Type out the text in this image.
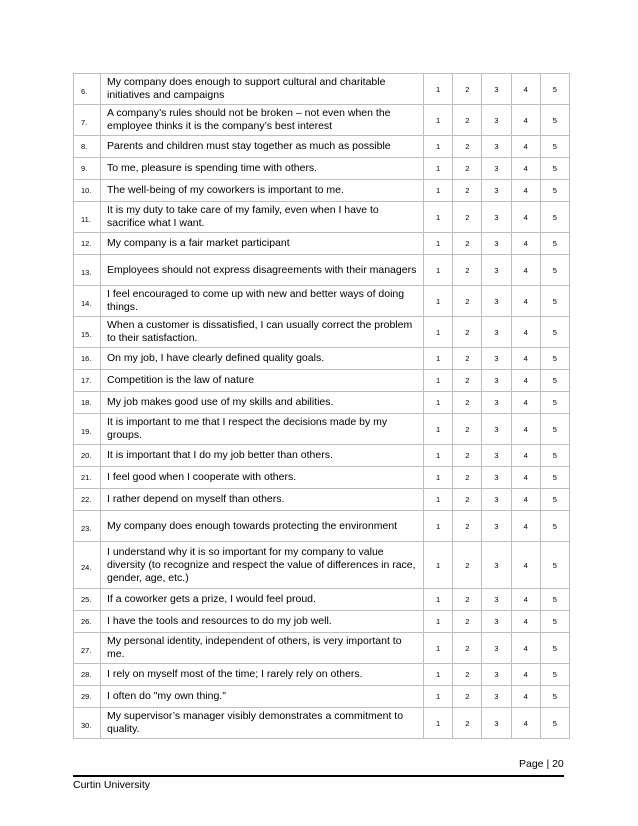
6.	My company does enough to support cultural and charitable initiatives and campaigns	1	2	3	4	5
7.	A company’s rules should not be broken – not even when the employee thinks it is the company’s best interest	1	2	3	4	5
8.	Parents and children must stay together as much as possible	1	2	3	4	5
9.	To me, pleasure is spending time with others.	1	2	3	4	5
10.	The well-being of my coworkers is important to me.	1	2	3	4	5
11.	It is my duty to take care of my family, even when I have to sacrifice what I want.	1	2	3	4	5
12.	My company is a fair market participant	1	2	3	4	5
13.	Employees should not express disagreements with their managers	1	2	3	4	5
14.	I feel encouraged to come up with new and better ways of doing things.	1	2	3	4	5
15.	When a customer is dissatisfied, I can usually correct the problem to their satisfaction.	1	2	3	4	5
16.	On my job, I have clearly defined quality goals.	1	2	3	4	5
17.	Competition is the law of nature	1	2	3	4	5
18.	My job makes good use of my skills and abilities.	1	2	3	4	5
19.	It is important to me that I respect the decisions made by my groups.	1	2	3	4	5
20.	It is important that I do my job better than others.	1	2	3	4	5
21.	I feel good when I cooperate with others.	1	2	3	4	5
22.	I rather depend on myself than others.	1	2	3	4	5
23.	My company does enough towards protecting the environment	1	2	3	4	5
24.	I understand why it is so important for my company to value diversity (to recognize and respect the value of differences in race, gender, age, etc.)	1	2	3	4	5
25.	If a coworker gets a prize, I would feel proud.	1	2	3	4	5
26.	I have the tools and resources to do my job well.	1	2	3	4	5
27.	My personal identity, independent of others, is very important to me.	1	2	3	4	5
28.	I rely on myself most of the time; I rarely rely on others.	1	2	3	4	5
29.	I often do "my own thing."	1	2	3	4	5
30.	My supervisor’s manager visibly demonstrates a commitment to quality.	1	2	3	4	5
Page | 20
Curtin University
